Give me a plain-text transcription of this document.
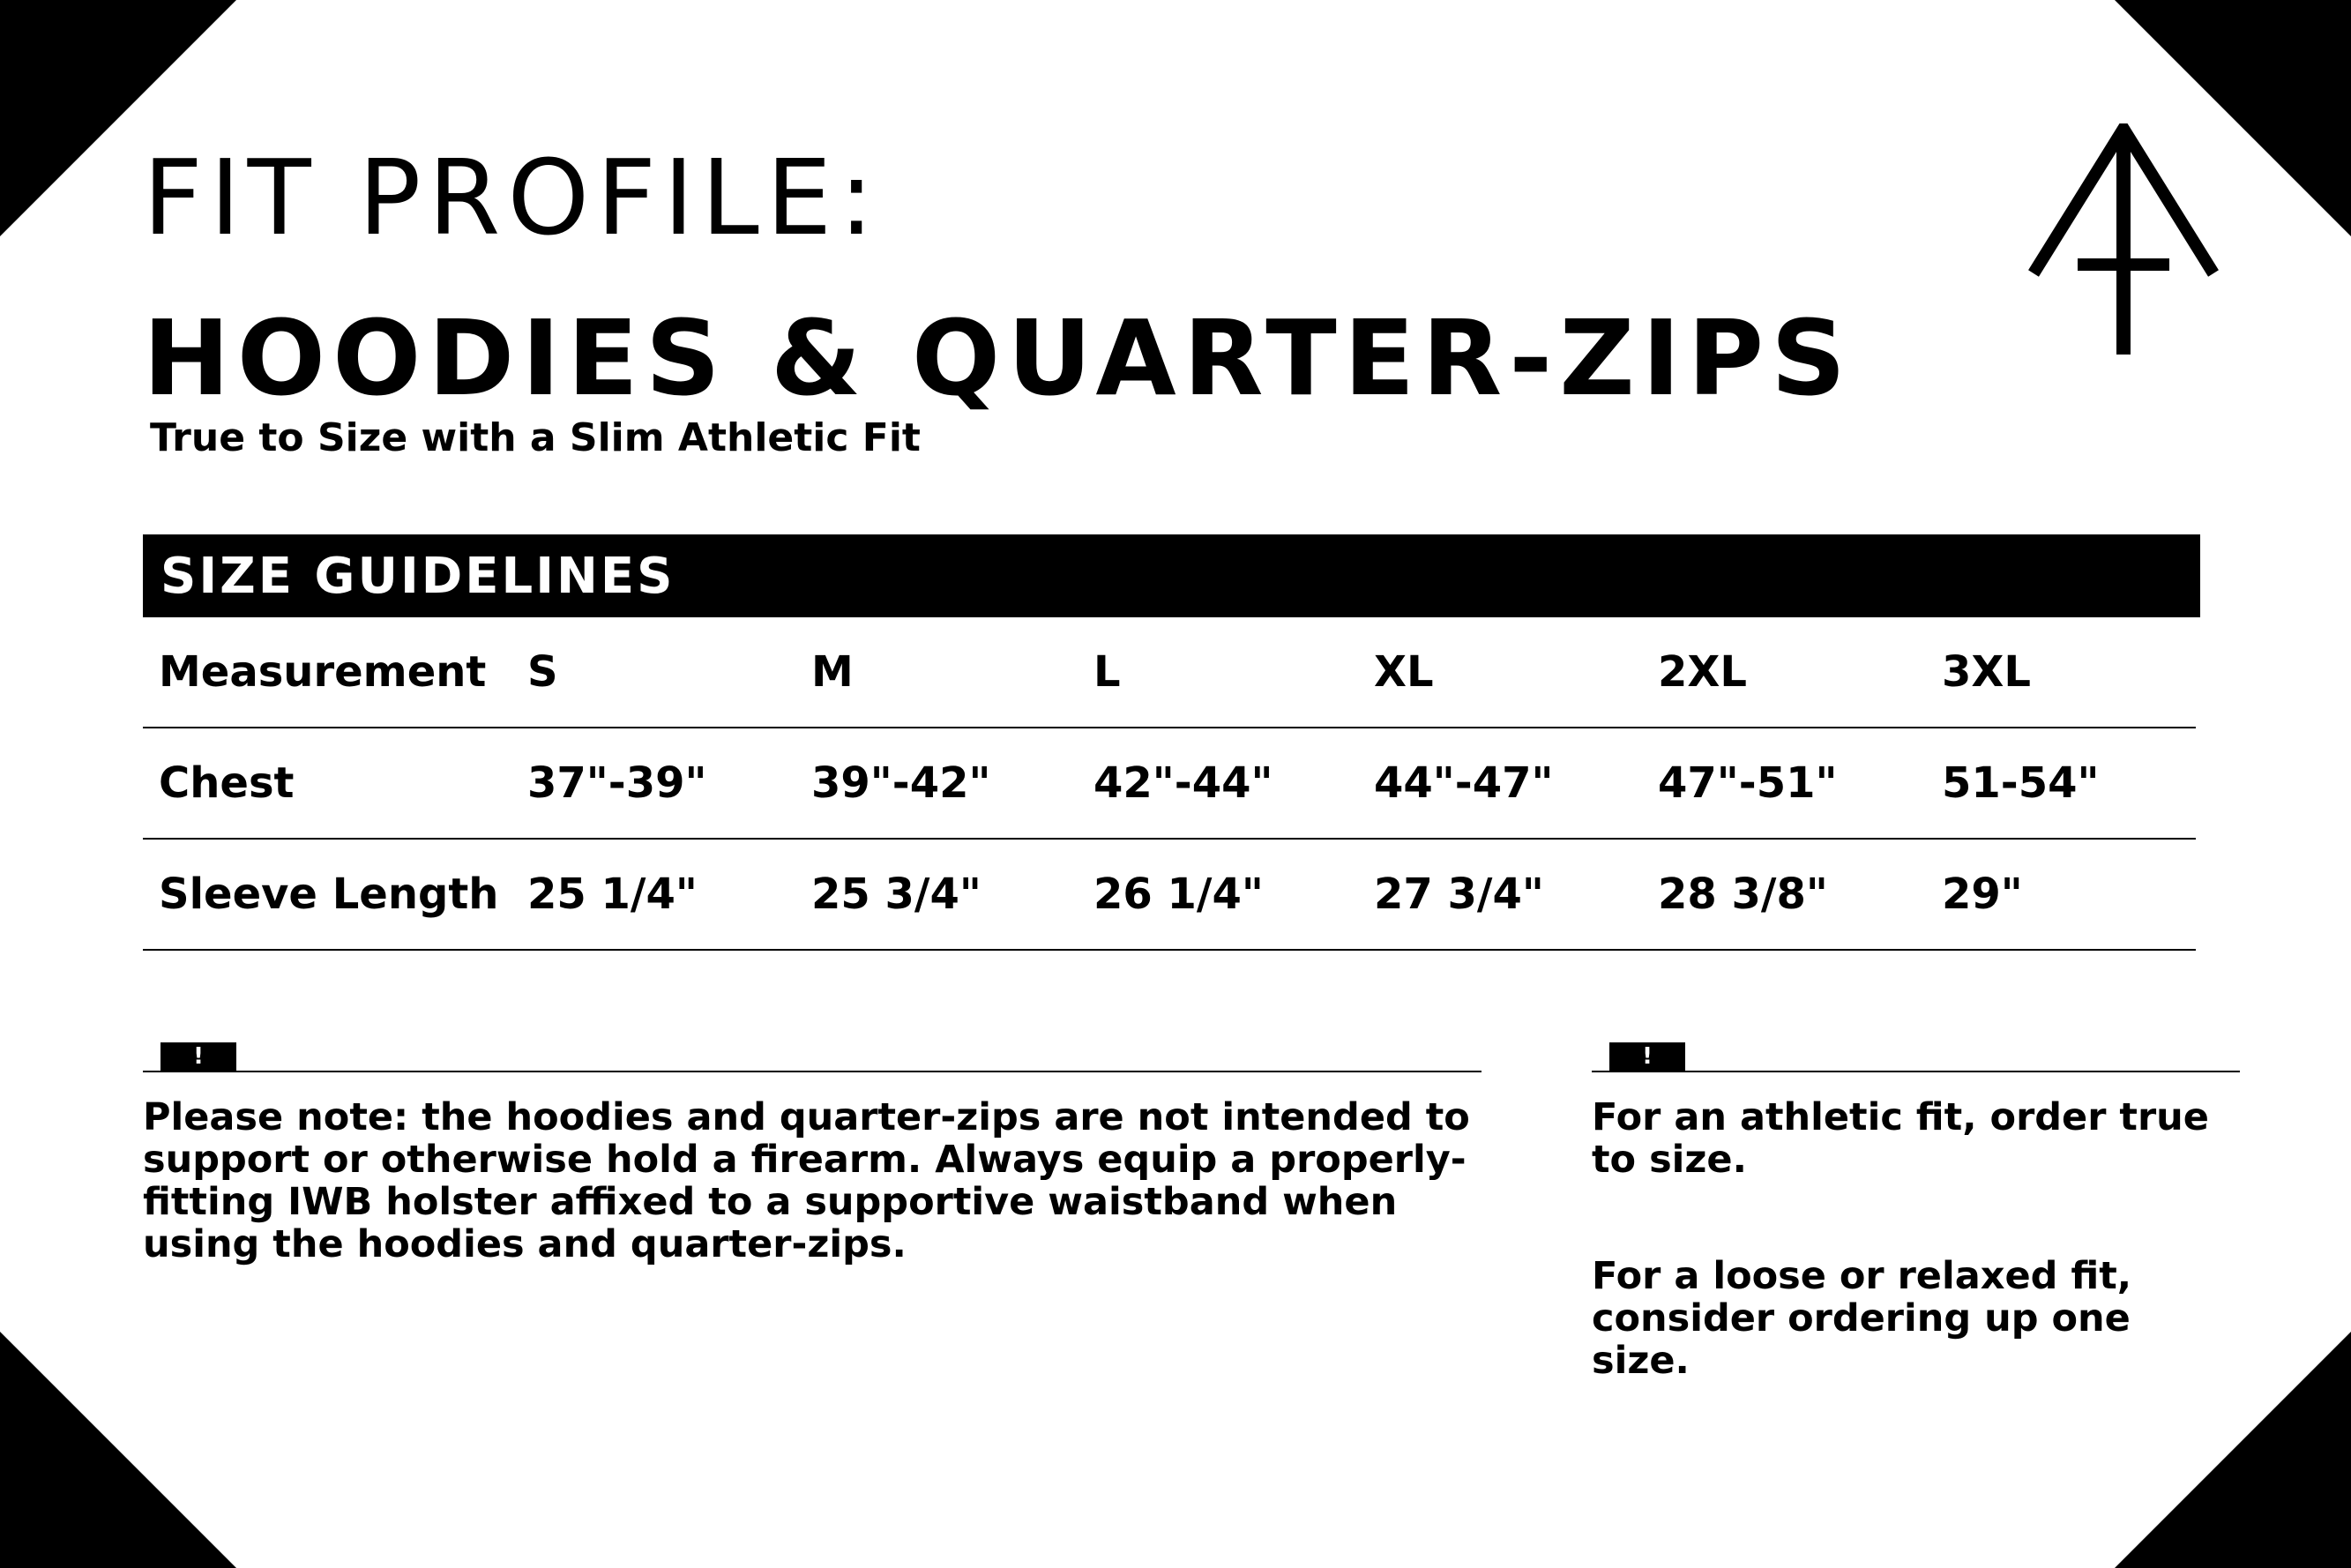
FIT PROFILE:
HOODIES & QUARTER-ZIPS

True to Size with a Slim Athletic Fit

SIZE GUIDELINES
Measurement	S	M	L	XL	2XL	3XL
Chest	37"-39"	39"-42"	42"-44"	44"-47"	47"-51"	51-54"
Sleeve Length	25 1/4"	25 3/4"	26 1/4"	27 3/4"	28 3/8"	29"
!

Please note: the hoodies and quarter-zips are not intended to support or otherwise hold a firearm. Always equip a properly-fitting IWB holster affixed to a supportive waistband when using the hoodies and quarter-zips.

!

For an athletic fit, order true to size.

For a loose or relaxed fit, consider ordering up one size.
